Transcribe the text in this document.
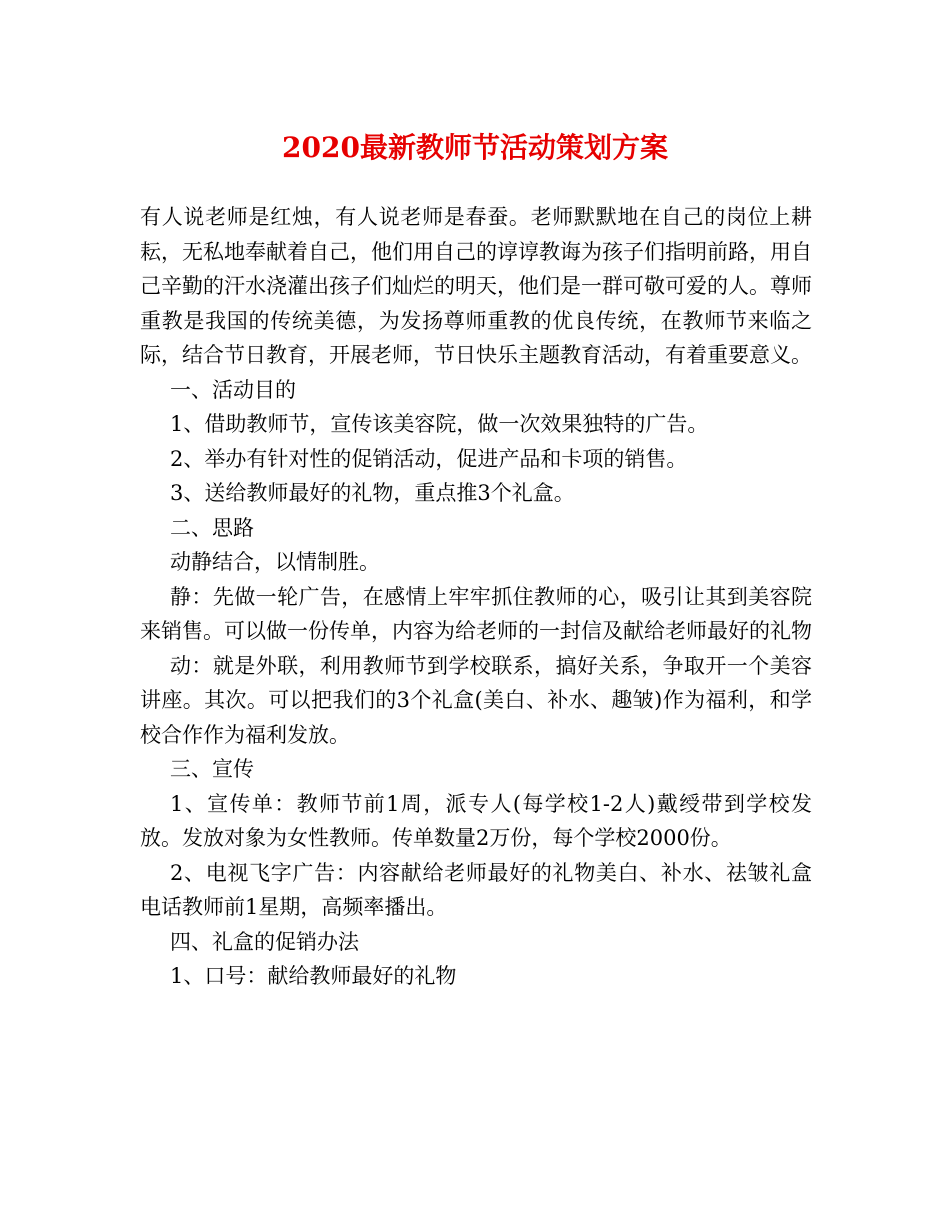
2020最新教师节活动策划方案

有人说老师是红烛，有人说老师是春蚕。老师默默地在自己的岗位上耕耘，无私地奉献着自己，他们用自己的谆谆教诲为孩子们指明前路，用自己辛勤的汗水浇灌出孩子们灿烂的明天，他们是一群可敬可爱的人。尊师重教是我国的传统美德，为发扬尊师重教的优良传统，在教师节来临之际，结合节日教育，开展老师，节日快乐主题教育活动，有着重要意义。

一、活动目的

1、借助教师节，宣传该美容院，做一次效果独特的广告。

2、举办有针对性的促销活动，促进产品和卡项的销售。

3、送给教师最好的礼物，重点推3个礼盒。

二、思路

动静结合，以情制胜。

静：先做一轮广告，在感情上牢牢抓住教师的心，吸引让其到美容院来销售。可以做一份传单，内容为给老师的一封信及献给老师最好的礼物

动：就是外联，利用教师节到学校联系，搞好关系，争取开一个美容讲座。其次。可以把我们的3个礼盒(美白、补水、趣皱)作为福利，和学校合作作为福利发放。

三、宣传

1、宣传单：教师节前1周，派专人(每学校1-2人)戴绶带到学校发放。发放对象为女性教师。传单数量2万份，每个学校2000份。

2、电视飞字广告：内容献给老师最好的礼物美白、补水、祛皱礼盒电话教师前1星期，高频率播出。

四、礼盒的促销办法

1、口号：献给教师最好的礼物
